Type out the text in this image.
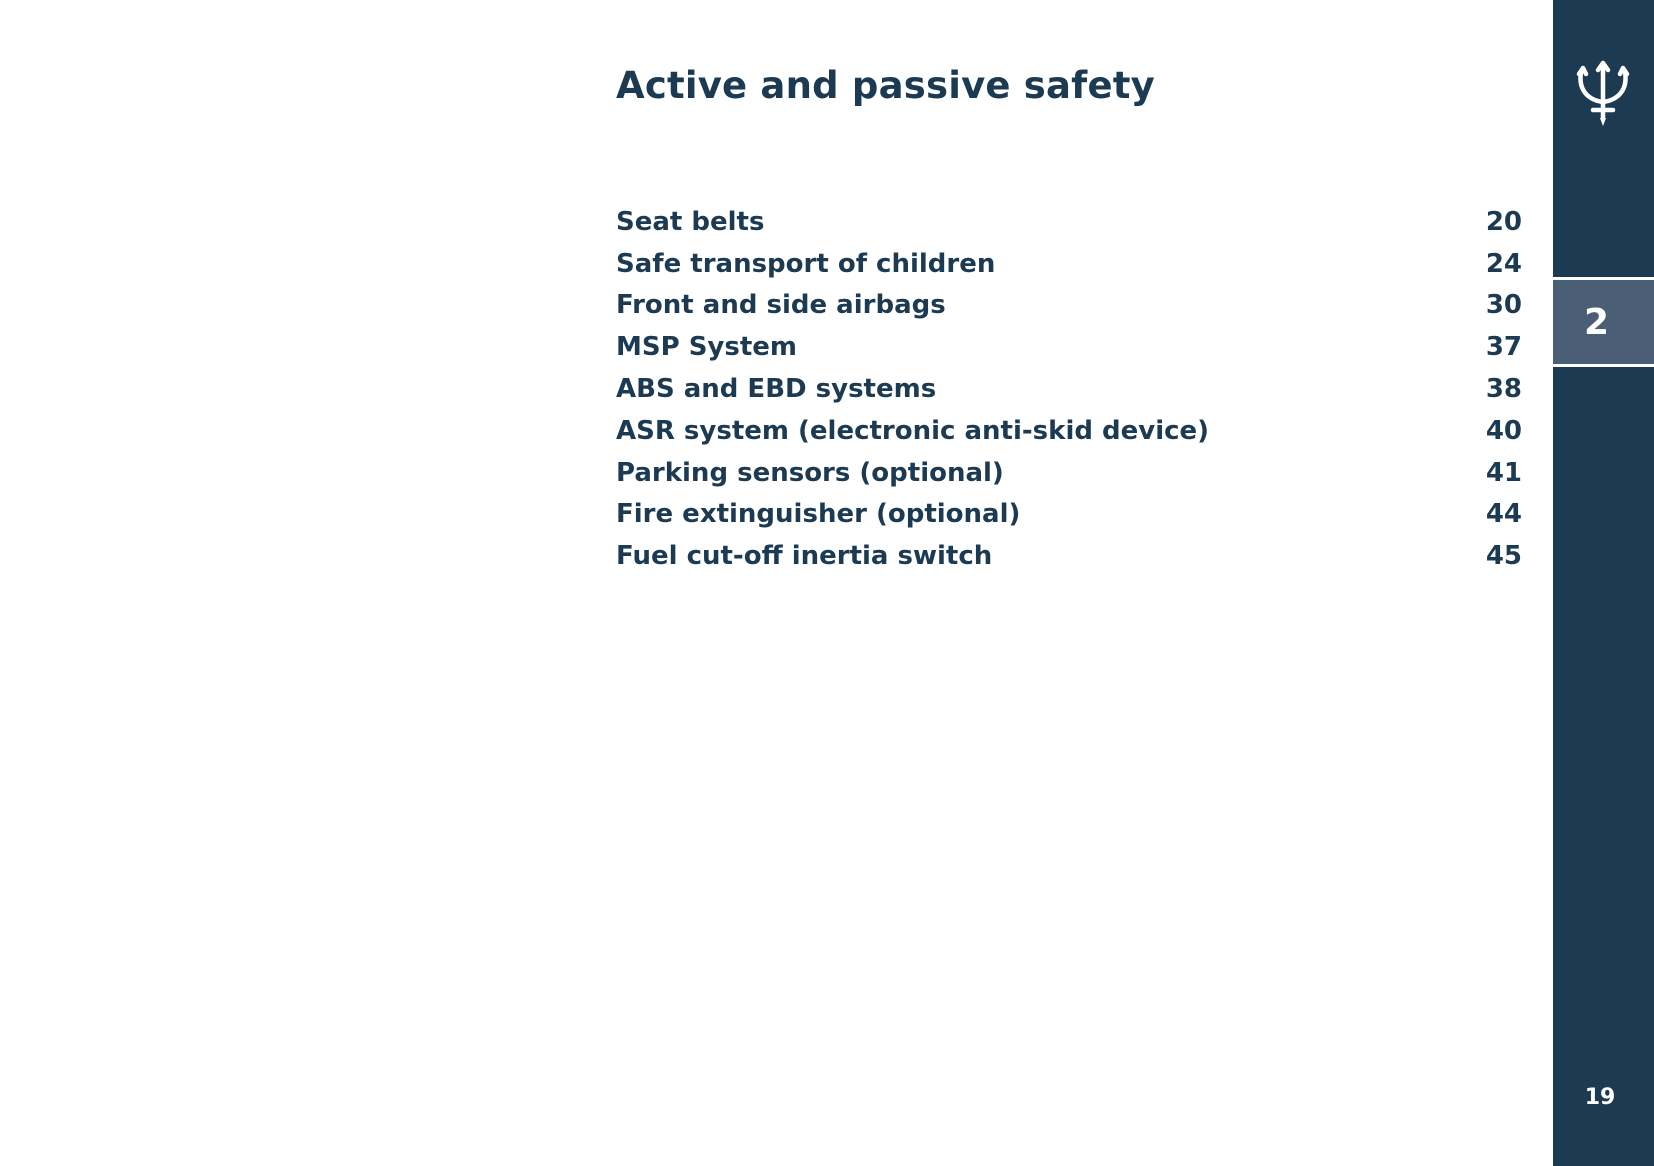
Active and passive safety
Seat belts	20
Safe transport of children	24
Front and side airbags	30
MSP System	37
ABS and EBD systems	38
ASR system (electronic anti-skid device)	40
Parking sensors (optional)	41
Fire extinguisher (optional)	44
Fuel cut-off inertia switch	45
2
19
